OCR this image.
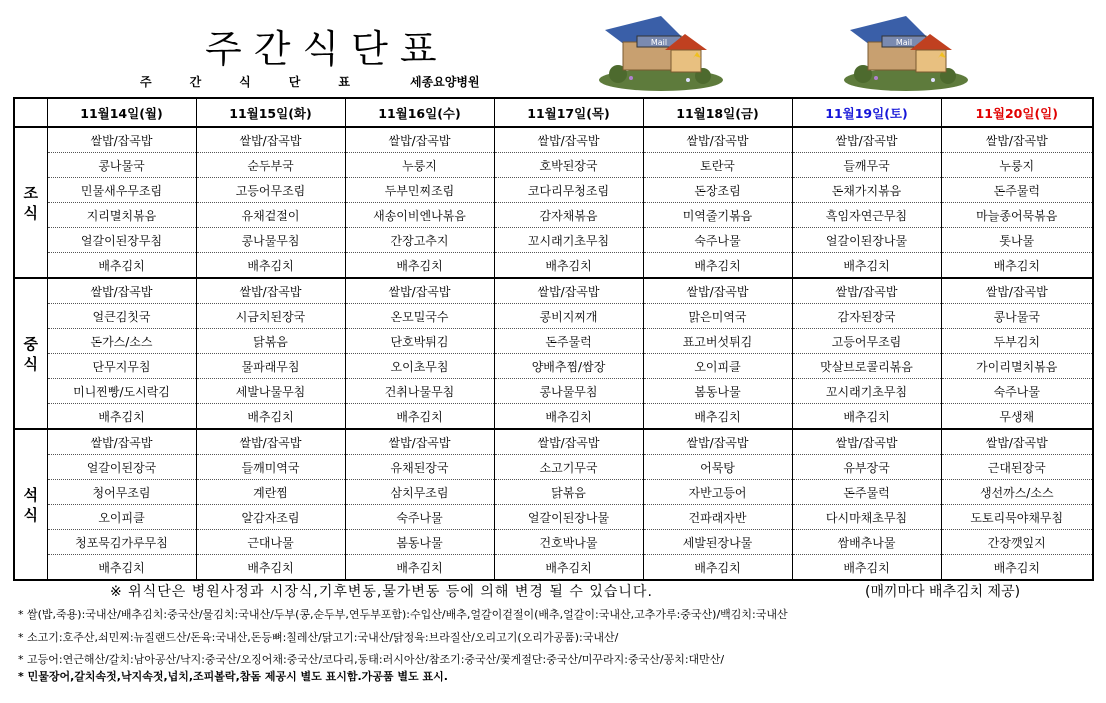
주간식단표
주간식단표 세종요양병원
Mail	Mail
	11월14일(월)	11월15일(화)	11월16일(수)	11월17일(목)	11월18일(금)	11월19일(토)	11월20일(일)
조
식	쌀밥/잡곡밥	쌀밥/잡곡밥	쌀밥/잡곡밥	쌀밥/잡곡밥	쌀밥/잡곡밥	쌀밥/잡곡밥	쌀밥/잡곡밥
	콩나물국	순두부국	누룽지	호박된장국	토란국	들깨무국	누룽지
	민물새우무조림	고등어무조림	두부민찌조림	코다리무청조림	돈장조림	돈채가지볶음	돈주물럭
	지리멸치볶음	유채겉절이	새송이비엔나볶음	감자채볶음	미역줄기볶음	흑임자연근무침	마늘종어묵볶음
	얼갈이된장무침	콩나물무침	간장고추지	꼬시래기초무침	숙주나물	얼갈이된장나물	톳나물
	배추김치	배추김치	배추김치	배추김치	배추김치	배추김치	배추김치
중
식	쌀밥/잡곡밥	쌀밥/잡곡밥	쌀밥/잡곡밥	쌀밥/잡곡밥	쌀밥/잡곡밥	쌀밥/잡곡밥	쌀밥/잡곡밥
	얼큰김칫국	시금치된장국	온모밀국수	콩비지찌개	맑은미역국	감자된장국	콩나물국
	돈가스/소스	닭볶음	단호박튀김	돈주물럭	표고버섯튀김	고등어무조림	두부김치
	단무지무침	물파래무침	오이초무침	양배추찜/쌈장	오이피클	맛살브로콜리볶음	가이리멸치볶음
	미니찐빵/도시락김	세발나물무침	건취나물무침	콩나물무침	봄동나물	꼬시래기초무침	숙주나물
	배추김치	배추김치	배추김치	배추김치	배추김치	배추김치	무생채
석
식	쌀밥/잡곡밥	쌀밥/잡곡밥	쌀밥/잡곡밥	쌀밥/잡곡밥	쌀밥/잡곡밥	쌀밥/잡곡밥	쌀밥/잡곡밥
	얼갈이된장국	들깨미역국	유채된장국	소고기무국	어묵탕	유부장국	근대된장국
	청어무조림	계란찜	삼치무조림	닭볶음	자반고등어	돈주물럭	생선까스/소스
	오이피클	알감자조림	숙주나물	얼갈이된장나물	건파래자반	다시마채초무침	도토리묵야채무침
	청포묵김가루무침	근대나물	봄동나물	건호박나물	세발된장나물	쌈배추나물	간장깻잎지
	배추김치	배추김치	배추김치	배추김치	배추김치	배추김치	배추김치
※ 위식단은 병원사정과 시장식,기후변동,물가변동 등에 의해 변경 될 수 있습니다.	(매끼마다 배추김치 제공)
* 쌀(밥,죽용):국내산/배추김치:중국산/물김치:국내산/두부(콩,순두부,연두부포함):수입산/배추,얼갈이겉절이(배추,얼갈이:국내산,고추가루:중국산)/백김치:국내산
* 소고기:호주산,쇠민찌:뉴질랜드산/돈육:국내산,돈등뼈:칠레산/닭고기:국내산/닭정육:브라질산/오리고기(오리가공품):국내산/
* 고등어:연근해산/갈치:남아공산/낙지:중국산/오징어채:중국산/코다리,동태:러시아산/참조기:중국산/꽃게절단:중국산/미꾸라지:중국산/꽁치:대만산/
* 민물장어,갈치속젓,낙지속젓,넙치,조피볼락,참돔 제공시 별도 표시함.가공품 별도 표시.
